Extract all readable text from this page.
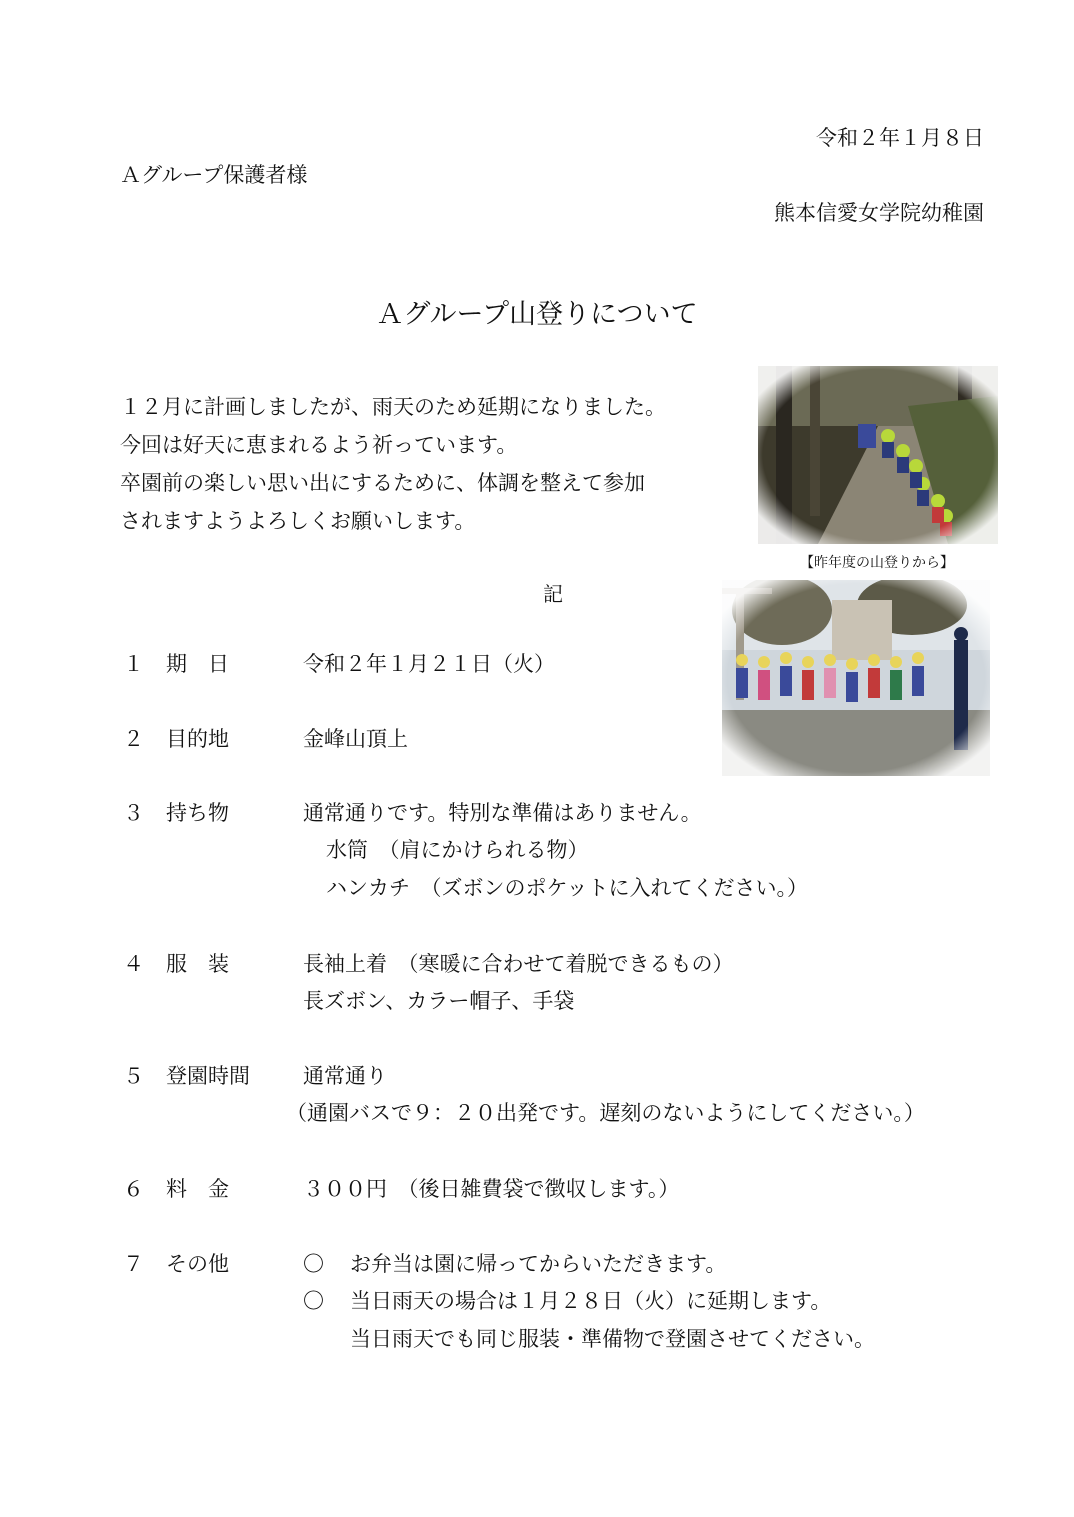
令和２年１月８日
Ａグループ保護者様
熊本信愛女学院幼稚園
Ａグループ山登りについて
１２月に計画しましたが、雨天のため延期になりました。
今回は好天に恵まれるよう祈っています。
卒園前の楽しい思い出にするために、体調を整えて参加
されますようよろしくお願いします。
【昨年度の山登りから】
記
１ 期　日	令和２年１月２１日（火）
２ 目的地	金峰山頂上
３ 持ち物	通常通りです。特別な準備はありません。
水筒　（肩にかけられる物）
ハンカチ　（ズボンのポケットに入れてください。）
４ 服　装	長袖上着　（寒暖に合わせて着脱できるもの）
長ズボン、カラー帽子、手袋
５ 登園時間	通常通り
（通園バスで９：２０出発です。遅刻のないようにしてください。）
６ 料　金	３００円　（後日雑費袋で徴収します。）
７ その他	〇 お弁当は園に帰ってからいただきます。
〇 当日雨天の場合は１月２８日（火）に延期します。
当日雨天でも同じ服装・準備物で登園させてください。
